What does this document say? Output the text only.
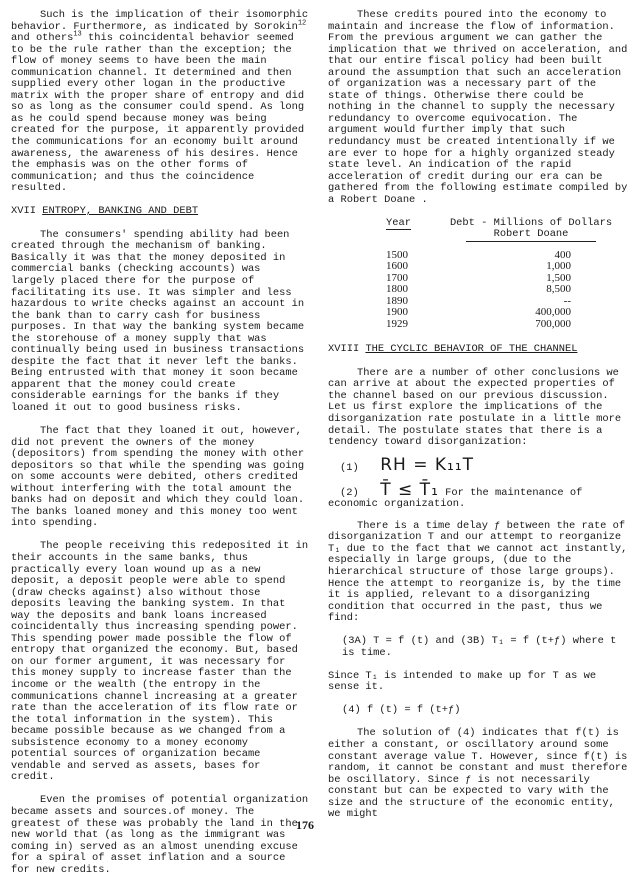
Such is the implication of their isomorphic behavior. Furthermore, as indicated by Sorokin$^{12}$ and others$^{13}$ this coincidental behavior seemed to be the rule rather than the exception; the flow of money seems to have been the main communication channel. It determined and then supplied every other logan in the productive matrix with the proper share of entropy and did so as long as the consumer could spend. As long as he could spend because money was being created for the purpose, it apparently provided the communications for an economy built around awareness, the awareness of his desires. Hence the emphasis was on the other forms of communication; and thus the coincidence resulted.

XVII ENTROPY, BANKING AND DEBT

The consumers' spending ability had been created through the mechanism of banking. Basically it was that the money deposited in commercial banks (checking accounts) was largely placed there for the purpose of facilitating its use. It was simpler and less hazardous to write checks against an account in the bank than to carry cash for business purposes. In that way the banking system became the storehouse of a money supply that was continually being used in business transactions despite the fact that it never left the banks. Being entrusted with that money it soon became apparent that the money could create considerable earnings for the banks if they loaned it out to good business risks.

The fact that they loaned it out, however, did not prevent the owners of the money (depositors) from spending the money with other depositors so that while the spending was going on some accounts were debited, others credited without interfering with the total amount the banks had on deposit and which they could loan. The banks loaned money and this money too went into spending.

The people receiving this redeposited it in their accounts in the same banks, thus practically every loan wound up as a new deposit, a deposit people were able to spend (draw checks against) also without those deposits leaving the banking system. In that way the deposits and bank loans increased coincidentally thus increasing spending power. This spending power made possible the flow of entropy that organized the economy. But, based on our former argument, it was necessary for this money supply to increase faster than the income or the wealth (the entropy in the communications channel increasing at a greater rate than the acceleration of its flow rate or the total information in the system). This became possible because as we changed from a subsistence economy to a money economy potential sources of organization became vendable and served as assets, bases for credit.

Even the promises of potential organization became assets and sources.of money. The greatest of these was probably the land in the new world that (as long as the immigrant was coming in) served as an almost unending excuse for a spiral of asset inflation and a source for new credits.

These credits poured into the economy to maintain and increase the flow of information. From the previous argument we can gather the implication that we thrived on acceleration, and that our entire fiscal policy had been built around the assumption that such an acceleration of organization was a necessary part of the state of things. Otherwise there could be nothing in the channel to supply the necessary redundancy to overcome equivocation. The argument would further imply that such redundancy must be created intentionally if we are ever to hope for a highly organized steady state level. An indication of the rapid acceleration of credit during our era can be gathered from the following estimate compiled by a Robert Doane .

Year	Debt - Millions of Dollars
Robert Doane

1500	400
1600	1,000
1700	1,500
1800	8,500
1890	--
1900	400,000
1929	700,000

XVIII THE CYCLIC BEHAVIOR OF THE CHANNEL

There are a number of other conclusions we can arrive at about the expected properties of the channel based on our previous discussion. Let us first explore the implications of the disorganization rate postulate in a little more detail. The postulate states that there is a tendency toward disorganization:

(1) RH = K₁₁T

(2) T̄ ≤ T̄₁ For the maintenance of economic organization.

There is a time delay ƒ between the rate of disorganization T and our attempt to reorganize T₁ due to the fact that we cannot act instantly, especially in large groups, (due to the hierarchical structure of those large groups). Hence the attempt to reorganize is, by the time it is applied, relevant to a disorganizing condition that occurred in the past, thus we find:

(3A) T = f (t) and (3B) T₁ = f (t+ƒ) where t is time.

Since T₁ is intended to make up for T as we sense it.

(4) f (t) = f (t+ƒ)

The solution of (4) indicates that f(t) is either a constant, or oscillatory around some constant average value T. However, since f(t) is random, it cannot be constant and must therefore be oscillatory. Since ƒ is not necessarily constant but can be expected to vary with the size and the structure of the economic entity, we might

176
